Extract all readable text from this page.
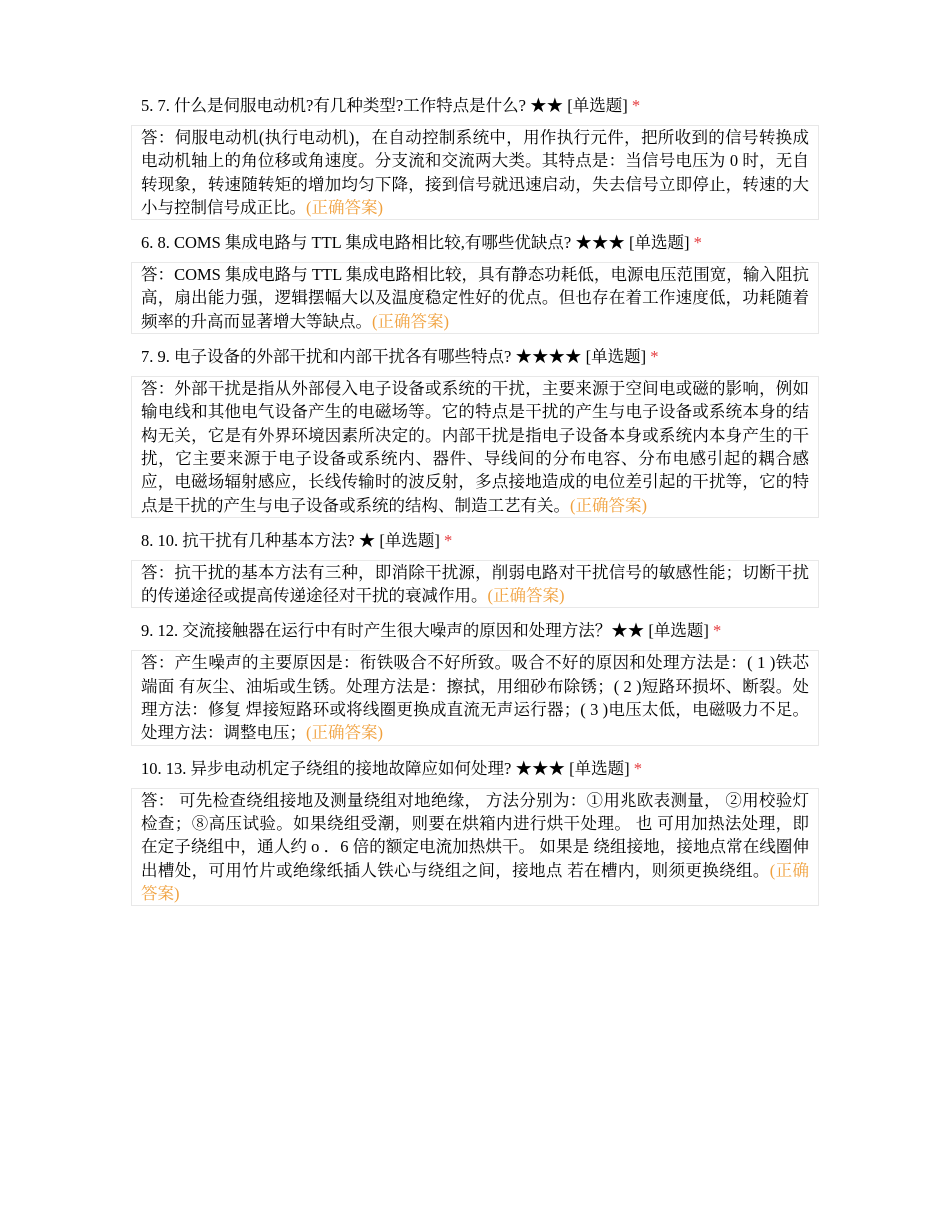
5. 7. 什么是伺服电动机?有几种类型?工作特点是什么? ★★ [单选题] *
答：伺服电动机(执行电动机)，在自动控制系统中，用作执行元件，把所收到的信号转换成电动机轴上的角位移或角速度。分支流和交流两大类。其特点是：当信号电压为 0 时，无自转现象，转速随转矩的增加均匀下降，接到信号就迅速启动，失去信号立即停止，转速的大小与控制信号成正比。(正确答案)
6. 8. COMS 集成电路与 TTL 集成电路相比较,有哪些优缺点? ★★★ [单选题] *
答：COMS 集成电路与 TTL 集成电路相比较，具有静态功耗低，电源电压范围宽，输入阻抗高，扇出能力强，逻辑摆幅大以及温度稳定性好的优点。但也存在着工作速度低，功耗随着频率的升高而显著增大等缺点。(正确答案)
7. 9. 电子设备的外部干扰和内部干扰各有哪些特点? ★★★★ [单选题] *
答：外部干扰是指从外部侵入电子设备或系统的干扰，主要来源于空间电或磁的影响，例如输电线和其他电气设备产生的电磁场等。它的特点是干扰的产生与电子设备或系统本身的结构无关，它是有外界环境因素所决定的。内部干扰是指电子设备本身或系统内本身产生的干扰，它主要来源于电子设备或系统内、器件、导线间的分布电容、分布电感引起的耦合感应，电磁场辐射感应，长线传输时的波反射，多点接地造成的电位差引起的干扰等，它的特点是干扰的产生与电子设备或系统的结构、制造工艺有关。(正确答案)
8. 10. 抗干扰有几种基本方法? ★ [单选题] *
答：抗干扰的基本方法有三种，即消除干扰源，削弱电路对干扰信号的敏感性能；切断干扰的传递途径或提高传递途径对干扰的衰减作用。(正确答案)
9. 12. 交流接触器在运行中有时产生很大噪声的原因和处理方法？★★ [单选题] *
答：产生噪声的主要原因是：衔铁吸合不好所致。吸合不好的原因和处理方法是：( 1 )铁芯端面 有灰尘、油垢或生锈。处理方法是：擦拭，用细砂布除锈；( 2 )短路环损坏、断裂。处理方法：修复 焊接短路环或将线圈更换成直流无声运行器；( 3 )电压太低，电磁吸力不足。处理方法：调整电压；(正确答案)
10. 13. 异步电动机定子绕组的接地故障应如何处理? ★★★ [单选题] *
答： 可先检查绕组接地及测量绕组对地绝缘， 方法分别为：①用兆欧表测量， ②用校验灯检查；⑧高压试验。如果绕组受潮，则要在烘箱内进行烘干处理。 也 可用加热法处理，即在定子绕组中，通人约 o ．6 倍的额定电流加热烘干。 如果是 绕组接地，接地点常在线圈伸出槽处，可用竹片或绝缘纸插人铁心与绕组之间，接地点 若在槽内，则须更换绕组。(正确答案)
